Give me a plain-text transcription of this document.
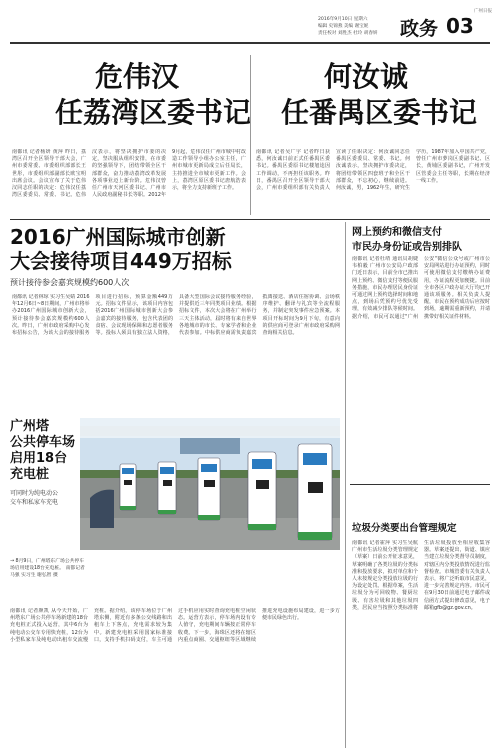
广州日报
2016年9月10日 星期六
编辑 史锦燕 美编 谢宝妮
责任校对 刘胜杰 杜玲 胡春妍 政务 03
危伟汉
任荔湾区委书记
南都讯 记者杨妍 黄萍 昨日，荔湾区召开全区领导干部大会，广州市委常委、市委组织部部长王世彤，市委组织部副部长欧宝明出席会议。会议宣布了关于危伟汉同志任职的决定：危伟汉任荔湾区委委员、常委、书记。危伟汉表示，将坚决拥护市委的决定，坚决服从组织安排，在市委的坚强领导下，团结带领全区干部群众，奋力推动荔湾改革发展各项事业迈上新台阶。危伟汉曾任广州市天河区委书记、广州市人民政府副秘书长等职。2012年9月起，危伟汉任广州市城中村改造工作领导小组办公室主任，广州市城市更新局成立后任局长，主持推进全市城市更新工作。会上，荔湾区原区委书记唐航浩表示，将全力支持新班子工作。
何汝诚
任番禺区委书记
南都讯 记者吴广宇 记者昨日获悉，何汝诚日前正式任番禺区委书记。番禺区委原书记楼旭逵因工作调动，不再担任该职务。昨日，番禺区召开全区领导干部大会，广州市委组织部有关负责人宣读了任职决定：何汝诚同志任番禺区委委员、常委、书记。何汝诚表示，坚决拥护市委决定，将团结带领区四套班子和全区干部群众，不忘初心，继续前进。何汝诚，男，1962年生，研究生学历，1987年加入中国共产党，曾任广州市萝岗区委副书记、区长，黄埔区委副书记，广州开发区管委会主任等职，长期在经济一线工作。
2016广州国际城市创新
大会接待项目449万招标
预计接待参会嘉宾规模约600人次
南都讯 记者林琼 实习生吴婧 2016年12月6日~8日期间，广州市将举办2016广州国际城市创新大会，预计接待参会嘉宾规模约600人次。昨日，广州市政府采购中心发布招标公告，为该大会的接待服务项目进行招标，预算金额449万元。招标文件显示，该项目内容包括2016广州国际城市创新大会参会嘉宾的接待服务，包含代表团的食宿、会议现场保障和志愿者服务等。投标人须具有独立法人资格，具备大型国际会议接待服务经验，并提供近三年同类项目业绩。根据招标文件，本次大会将在广州举行三天主体活动，届时将有来自世界各地城市的市长、专家学者和企业代表参加。中标供应商需负责嘉宾抵离接送、酒店住宿协调、会场秩序维护、翻译与礼宾等全流程服务，并制定突发事件应急预案。本项目开标时间为9月下旬，有意向的供应商可登录广州市政府采购网查询相关信息。
广州塔
公共停车场
启用18台
充电桩
可同时为纯电动公
交车和私家车充电
→ 8月9日，广州塔东广场公共停车场启用建设18台充电桩。 南都记者 马强 实习生 谢弘智 摄
南都讯 记者颜凯 从今天开始，广州塔东广场公共停车场新建的18台充电桩正式投入运营，其中6台为纯电动公交车专用快充桩，12台为小型私家车及纯电动出租车交流慢充桩。据介绍，该停车场位于广州塔东侧，附近有多条公交线路和出租车上下客点，充电需求较为集中。新建充电桩采用国家标准接口，支持手机扫码支付，车主可通过手机应用实时查询充电桩空闲状态。运营方表示，停车场内设有专人值守，充电期间车辆按正常停车收费。下一步，海珠区还将在辖区内重点商圈、交通枢纽等区域继续推进充电设施布局建设，进一步方便市民绿色出行。
网上预约和微信支付
市民办身份证或告别排队
南都讯 记者杜靖 通讯员胡婕 韦柏毅 广州市公安局户政部门近日表示，目前全市已推出网上预约、微信支付等便民服务措施，市民办理居民身份证可通过网上预约选择时间和地点，到场后凭预约号优先受理，有效减少排队等候时间。据介绍，市民可以通过"广州公安"微信公众号或广州市公安局网站进行办证预约，同时可使用微信支付缴纳办证费用，办证流程更加便捷。目前全市各区户政办证大厅均已开通该项服务。相关负责人提醒，市民在预约成功后应按时到场，逾期需重新预约，并请携带好相关证件材料。
垃圾分类要出台管理规定
南都讯 记者霍萍 实习生吴航 广州市生活垃圾分类管理规定（草案）日前公开征求意见，草案明确了各类垃圾的分类标准和投放要求，拟对单位和个人未按规定分类投放垃圾的行为设定处罚。根据草案，生活垃圾分为可回收物、餐厨垃圾、有害垃圾和其他垃圾四类，居民应当按照分类标准将生活垃圾投放至相应收集容器。草案还提出，街道、镇应当建立垃圾分类督导员制度，对辖区内分类投放情况进行监督检查。市城管委有关负责人表示，将广泛听取市民意见，进一步完善规定内容。市民可在9月30日前通过电子邮件或信函方式提出修改意见，电子邮箱gfb@gz.gov.cn。
